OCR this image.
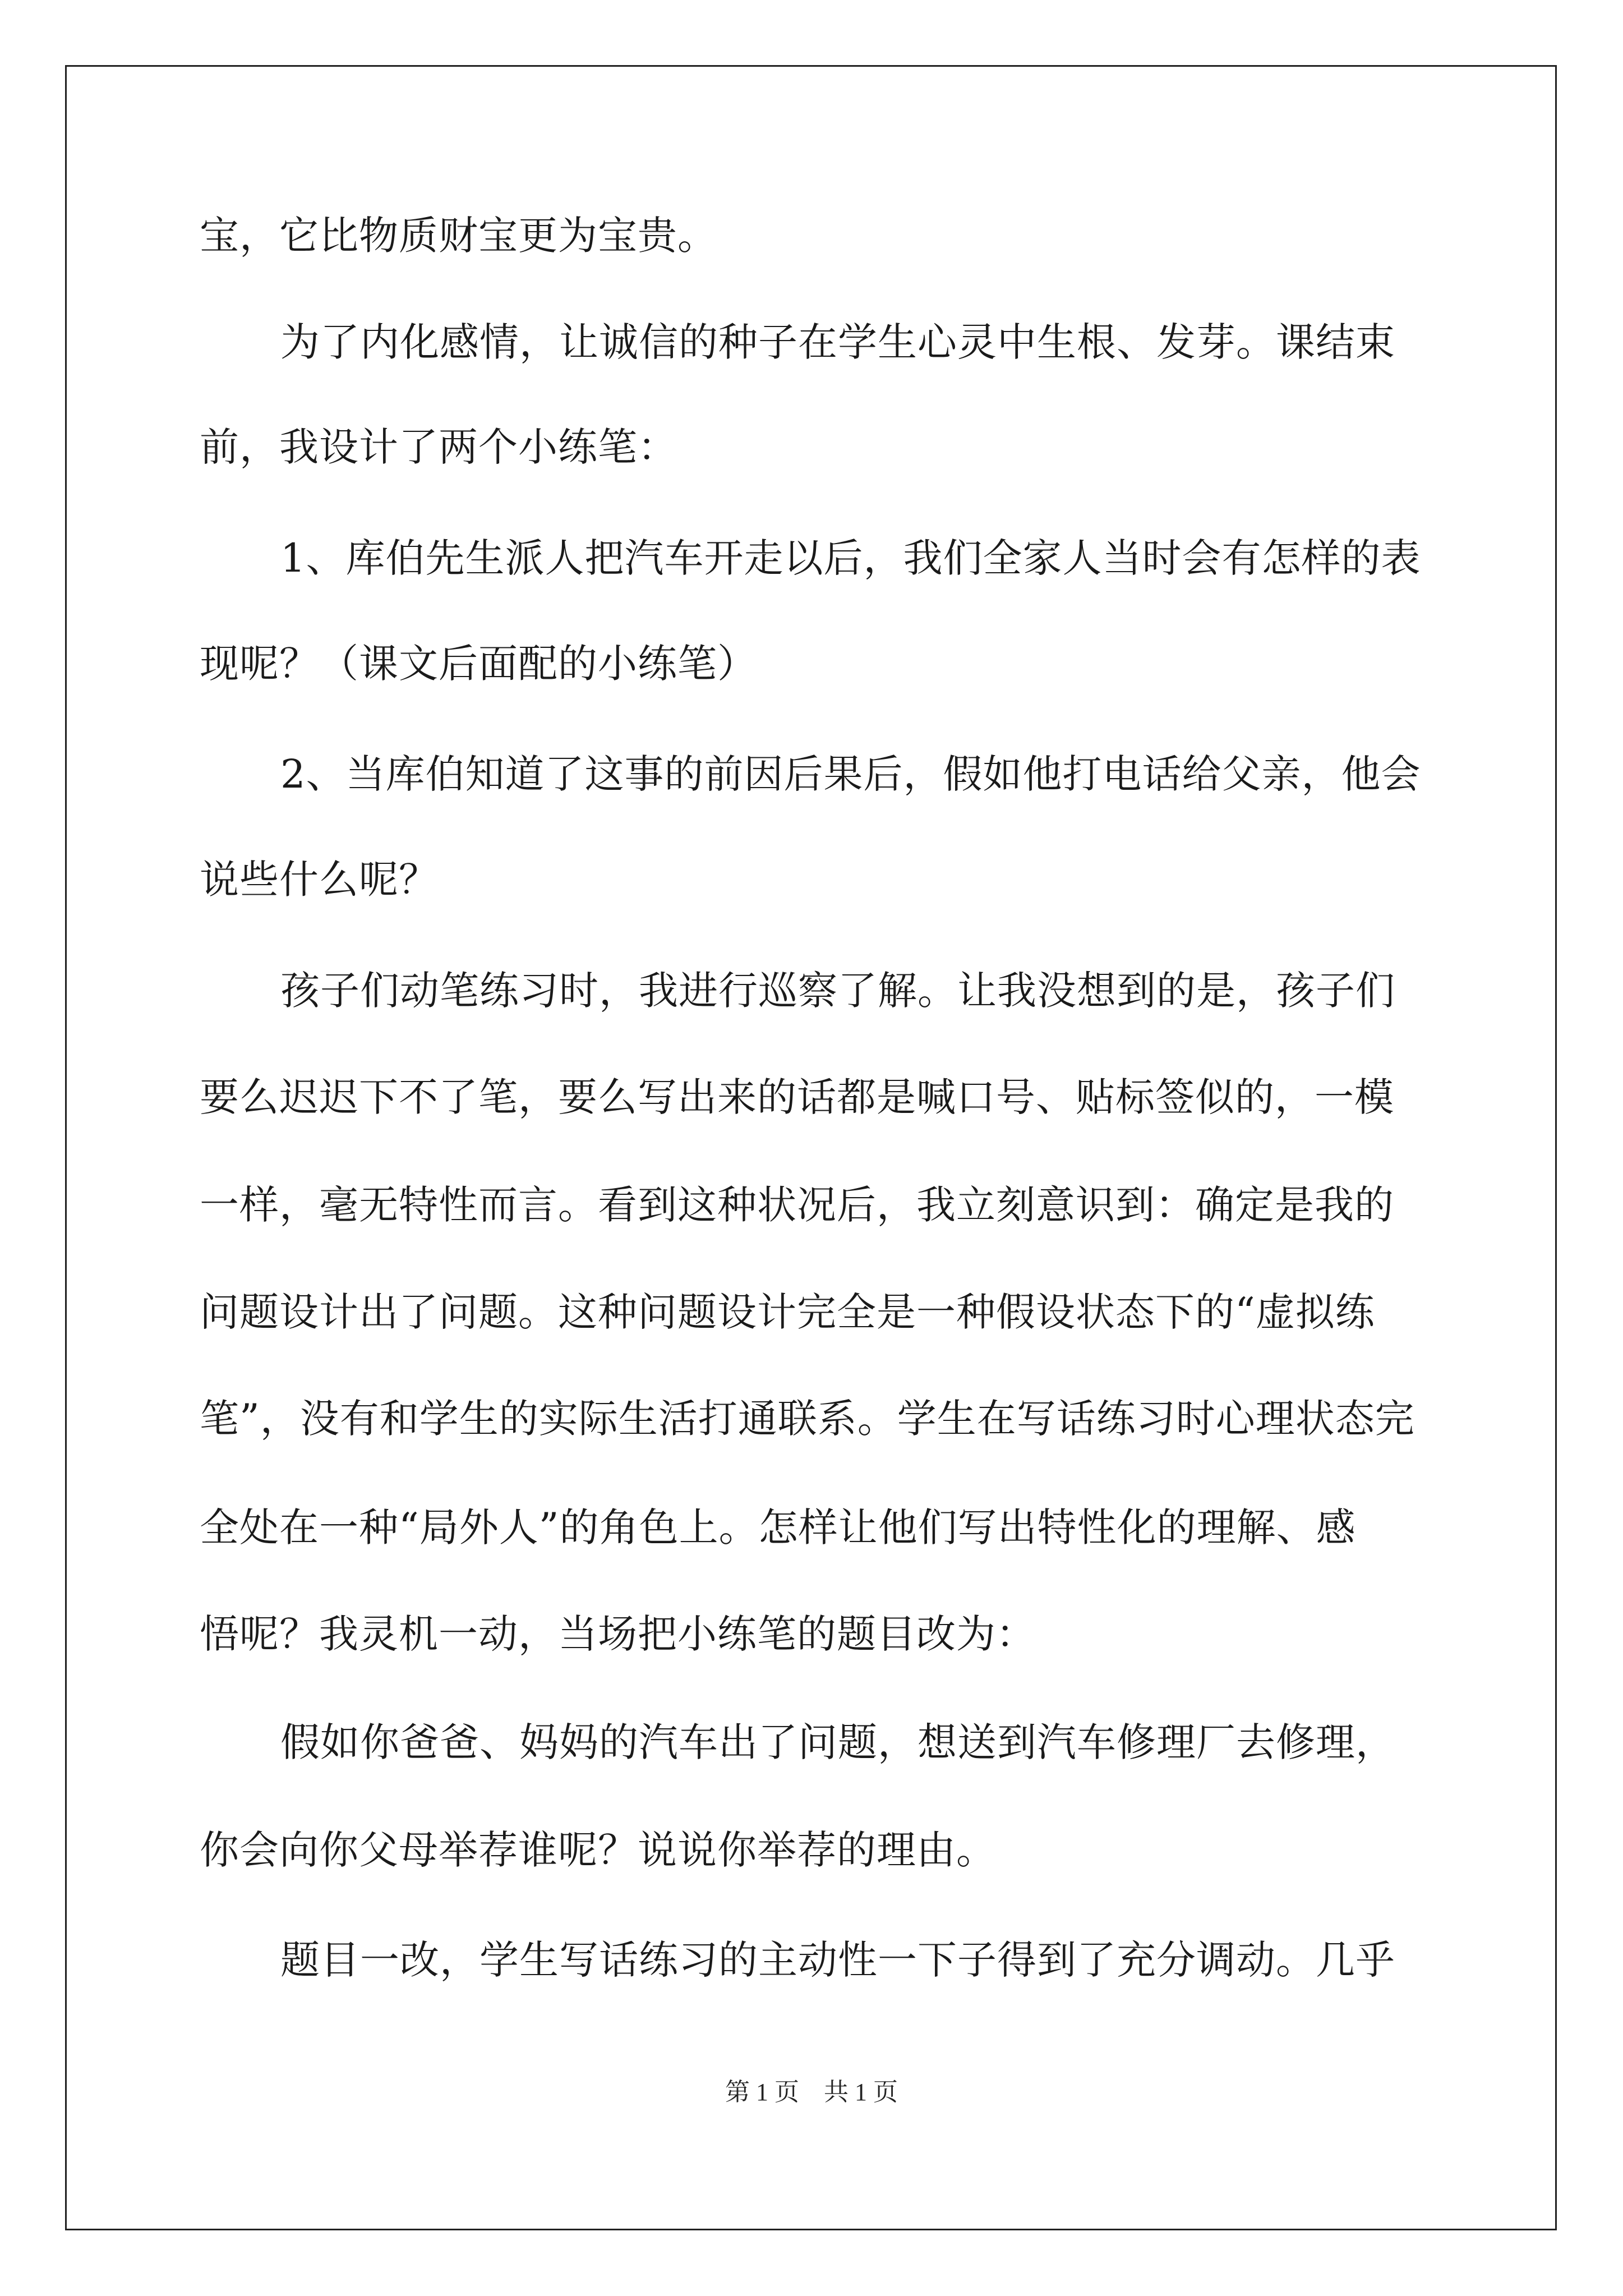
宝，它比物质财宝更为宝贵。
为了内化感情，让诚信的种子在学生心灵中生根、发芽。课结束
前，我设计了两个小练笔：
1、库伯先生派人把汽车开走以后，我们全家人当时会有怎样的表
现呢？（课文后面配的小练笔）
2、当库伯知道了这事的前因后果后，假如他打电话给父亲，他会
说些什么呢？
孩子们动笔练习时，我进行巡察了解。让我没想到的是，孩子们
要么迟迟下不了笔，要么写出来的话都是喊口号、贴标签似的，一模
一样，毫无特性而言。看到这种状况后，我立刻意识到：确定是我的
问题设计出了问题。这种问题设计完全是一种假设状态下的“虚拟练
笔”，没有和学生的实际生活打通联系。学生在写话练习时心理状态完
全处在一种“局外人”的角色上。怎样让他们写出特性化的理解、感
悟呢？我灵机一动，当场把小练笔的题目改为：
假如你爸爸、妈妈的汽车出了问题，想送到汽车修理厂去修理，
你会向你父母举荐谁呢？说说你举荐的理由。
题目一改，学生写话练习的主动性一下子得到了充分调动。几乎
第 1 页　共 1 页
